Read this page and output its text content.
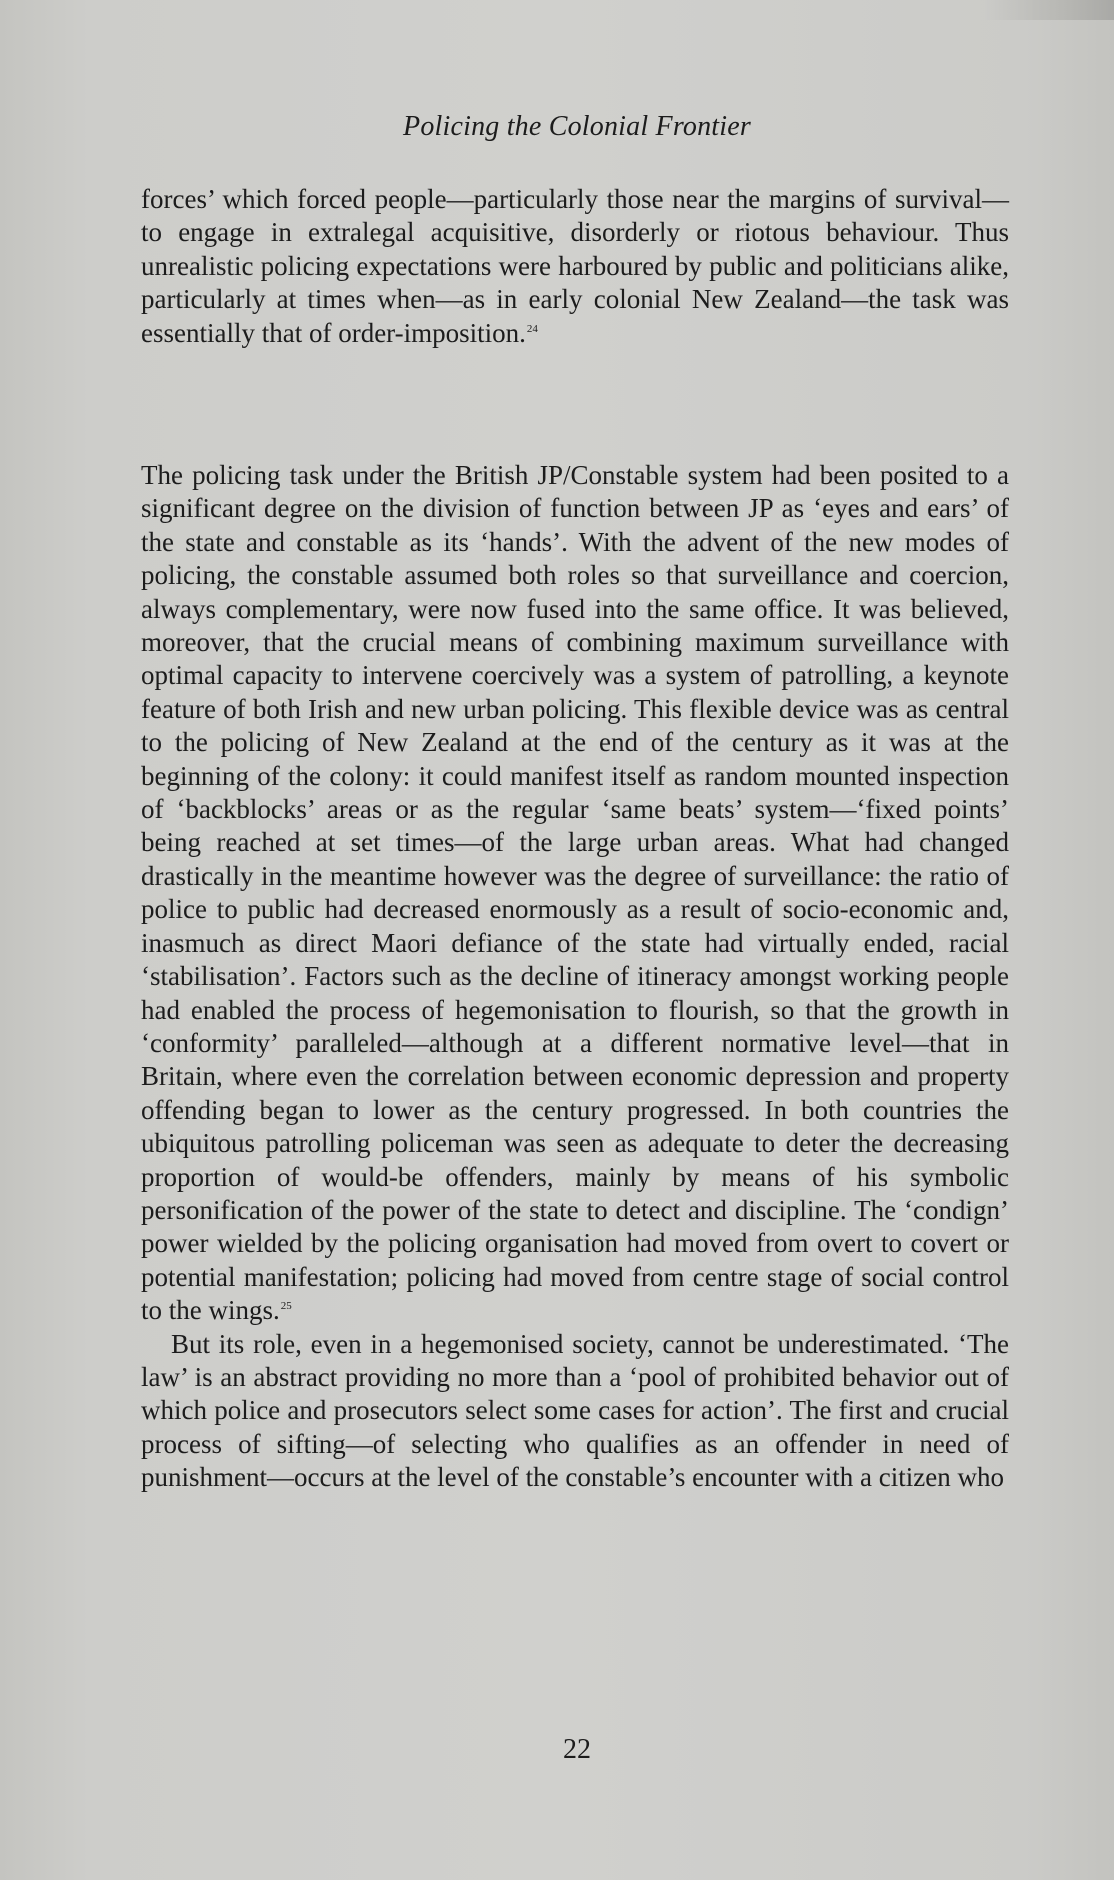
Policing the Colonial Frontier

forces’ which forced people—particularly those near the margins of survival—to engage in extralegal acquisitive, disorderly or riotous behaviour. Thus unrealistic policing expectations were harboured by public and politicians alike, particularly at times when—as in early colonial New Zealand—the task was essentially that of order-imposition.$^{24}$

The policing task under the British JP/Constable system had been posited to a significant degree on the division of function between JP as ‘eyes and ears’ of the state and constable as its ‘hands’. With the advent of the new modes of policing, the constable assumed both roles so that surveillance and coercion, always complementary, were now fused into the same office. It was believed, moreover, that the crucial means of combining maximum surveillance with optimal capacity to intervene coercively was a system of patrolling, a keynote feature of both Irish and new urban policing. This flexible device was as central to the policing of New Zealand at the end of the century as it was at the beginning of the colony: it could manifest itself as random mounted inspection of ‘backblocks’ areas or as the regular ‘same beats’ system—‘fixed points’ being reached at set times—of the large urban areas. What had changed drastically in the meantime however was the degree of surveillance: the ratio of police to public had decreased enormously as a result of socio-economic and, inasmuch as direct Maori defiance of the state had virtually ended, racial ‘stabilisation’. Factors such as the decline of itineracy amongst working people had enabled the process of hegemonisation to flourish, so that the growth in ‘conformity’ paralleled—although at a different normative level—that in Britain, where even the correlation between economic depression and property offending began to lower as the century progressed. In both countries the ubiquitous patrolling policeman was seen as adequate to deter the decreasing proportion of would-be offenders, mainly by means of his symbolic personification of the power of the state to detect and discipline. The ‘condign’ power wielded by the policing organisation had moved from overt to covert or potential manifestation; policing had moved from centre stage of social control to the wings.$^{25}$

But its role, even in a hegemonised society, cannot be underestimated. ‘The law’ is an abstract providing no more than a ‘pool of prohibited behavior out of which police and prosecutors select some cases for action’. The first and crucial process of sifting—of selecting who qualifies as an offender in need of punishment—occurs at the level of the constable’s encounter with a citizen who

22
